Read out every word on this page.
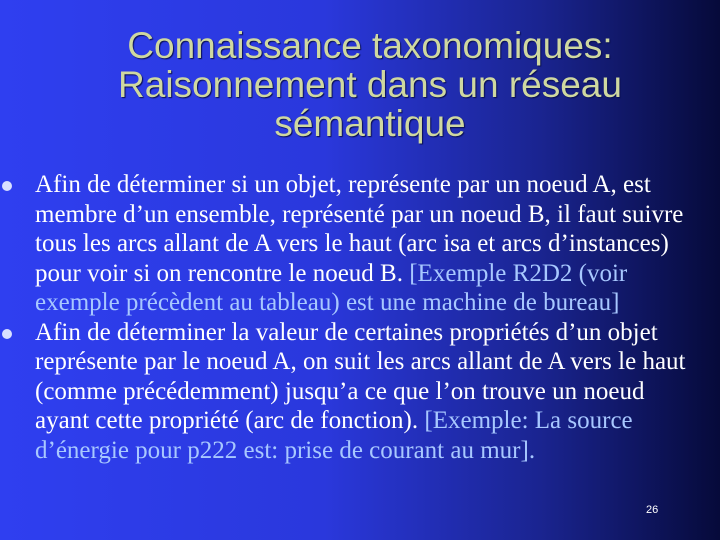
Connaissance taxonomiques:
Raisonnement dans un réseau
sémantique
Afin de déterminer si un objet, représente par un noeud A, est membre d’un ensemble, représenté par un noeud B, il faut suivre tous les arcs allant de A vers le haut (arc isa et arcs d’instances) pour voir si on rencontre le noeud B. [Exemple R2D2 (voir exemple précèdent au tableau) est une machine de bureau]
Afin de déterminer la valeur de certaines propriétés d’un objet représente par le noeud A, on suit les arcs allant de A vers le haut (comme précédemment) jusqu’a ce que l’on trouve un noeud ayant cette propriété (arc de fonction). [Exemple: La source d’énergie pour p222 est: prise de courant au mur].
26
